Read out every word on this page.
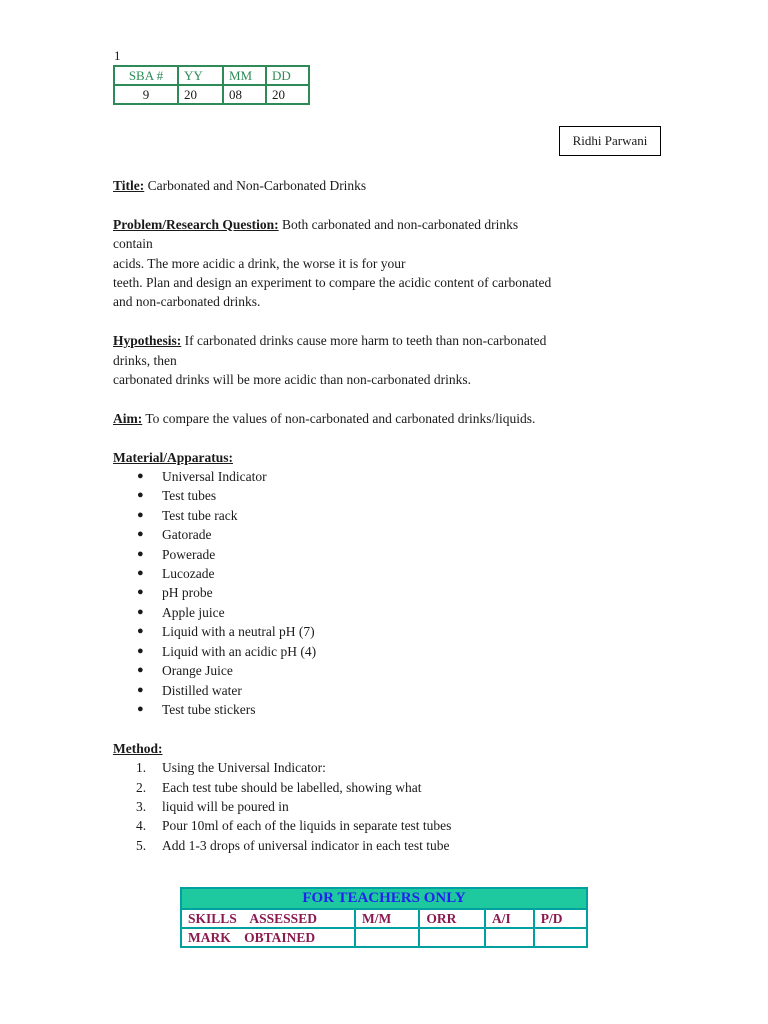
1
SBA #	YY	MM	DD
9	20	08	20
Ridhi Parwani

Title: Carbonated and Non-Carbonated Drinks

Problem/Research Question: Both carbonated and non-carbonated drinks

contain

acids. The more acidic a drink, the worse it is for your

teeth. Plan and design an experiment to compare the acidic content of carbonated

and non-carbonated drinks.

Hypothesis: If carbonated drinks cause more harm to teeth than non-carbonated

drinks, then

carbonated drinks will be more acidic than non-carbonated drinks.

Aim: To compare the values of non-carbonated and carbonated drinks/liquids.

Material/Apparatus:

● Universal Indicator
● Test tubes
● Test tube rack
● Gatorade
● Powerade
● Lucozade
● pH probe
● Apple juice
● Liquid with a neutral pH (7)
● Liquid with an acidic pH (4)
● Orange Juice
● Distilled water
● Test tube stickers

Method:

1. Using the Universal Indicator:
2. Each test tube should be labelled, showing what
3. liquid will be poured in
4. Pour 10ml of each of the liquids in separate test tubes
5. Add 1-3 drops of universal indicator in each test tube
FOR TEACHERS ONLY				
SKILLS ASSESSED	M/M	ORR	A/I	P/D
MARK OBTAINED				
